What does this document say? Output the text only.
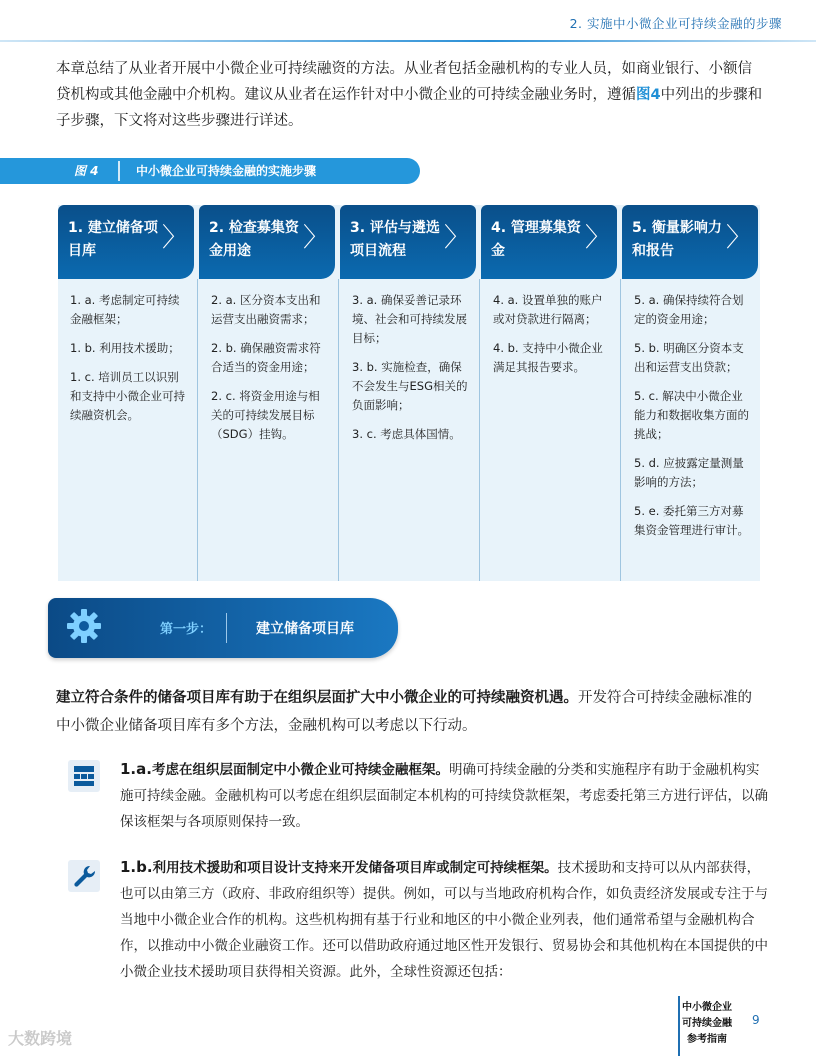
2. 实施中小微企业可持续金融的步骤
本章总结了从业者开展中小微企业可持续融资的方法。从业者包括金融机构的专业人员，如商业银行、小额信贷机构或其他金融中介机构。建议从业者在运作针对中小微企业的可持续金融业务时，遵循图4中列出的步骤和子步骤，下文将对这些步骤进行详述。
图 4	中小微企业可持续金融的实施步骤
1. 建立储备项目库	〉

1. a. 考虑制定可持续金融框架；

1. b. 利用技术援助；

1. c. 培训员工以识别和支持中小微企业可持续融资机会。

2. 检查募集资金用途 〉

2. a. 区分资本支出和运营支出融资需求；

2. b. 确保融资需求符合适当的资金用途；

2. c. 将资金用途与相关的可持续发展目标（SDG）挂钩。

3. 评估与遴选项目流程 〉

3. a. 确保妥善记录环境、社会和可持续发展目标；

3. b. 实施检查，确保不会发生与ESG相关的负面影响；

3. c. 考虑具体国情。

4. 管理募集资金	〉

4. a. 设置单独的账户或对贷款进行隔离；

4. b. 支持中小微企业满足其报告要求。

5. 衡量影响力和报告 〉

5. a. 确保持续符合划定的资金用途；

5. b. 明确区分资本支出和运营支出贷款；

5. c. 解决中小微企业能力和数据收集方面的挑战；

5. d. 应披露定量测量影响的方法；

5. e. 委托第三方对募集资金管理进行审计。

第一步：	建立储备项目库
建立符合条件的储备项目库有助于在组织层面扩大中小微企业的可持续融资机遇。开发符合可持续金融标准的中小微企业储备项目库有多个方法，金融机构可以考虑以下行动。
1.a.考虑在组织层面制定中小微企业可持续金融框架。明确可持续金融的分类和实施程序有助于金融机构实施可持续金融。金融机构可以考虑在组织层面制定本机构的可持续贷款框架，考虑委托第三方进行评估，以确保该框架与各项原则保持一致。
1.b.利用技术援助和项目设计支持来开发储备项目库或制定可持续框架。技术援助和支持可以从内部获得，也可以由第三方（政府、非政府组织等）提供。例如，可以与当地政府机构合作，如负责经济发展或专注于与当地中小微企业合作的机构。这些机构拥有基于行业和地区的中小微企业列表，他们通常希望与金融机构合作，以推动中小微企业融资工作。还可以借助政府通过地区性开发银行、贸易协会和其他机构在本国提供的中小微企业技术援助项目获得相关资源。此外，全球性资源还包括：
中小微企业
可持续金融
参考指南
9
大数跨境
